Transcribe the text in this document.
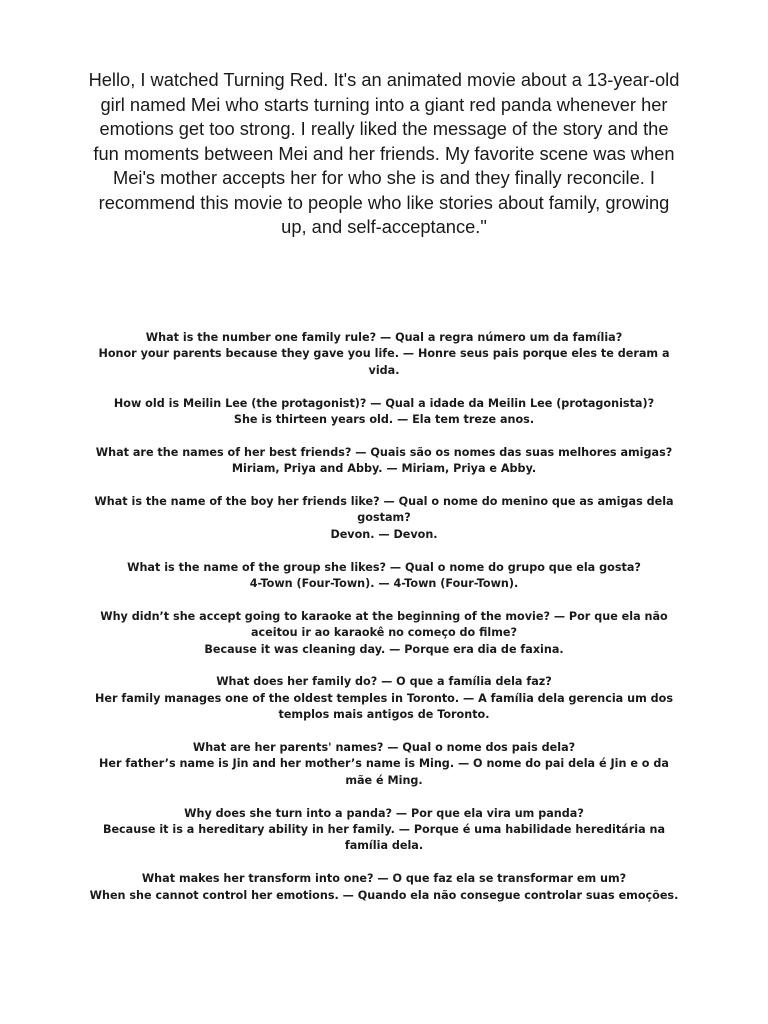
Hello, I watched Turning Red. It's an animated movie about a 13-year-old girl named Mei who starts turning into a giant red panda whenever her emotions get too strong. I really liked the message of the story and the fun moments between Mei and her friends. My favorite scene was when Mei's mother accepts her for who she is and they finally reconcile. I recommend this movie to people who like stories about family, growing up, and self-acceptance."

What is the number one family rule? — Qual a regra número um da família?

Honor your parents because they gave you life. — Honre seus pais porque eles te deram a vida.

How old is Meilin Lee (the protagonist)? — Qual a idade da Meilin Lee (protagonista)?

She is thirteen years old. — Ela tem treze anos.

What are the names of her best friends? — Quais são os nomes das suas melhores amigas?

Miriam, Priya and Abby. — Miriam, Priya e Abby.

What is the name of the boy her friends like? — Qual o nome do menino que as amigas dela gostam?

Devon. — Devon.

What is the name of the group she likes? — Qual o nome do grupo que ela gosta?

4-Town (Four-Town). — 4-Town (Four-Town).

Why didn’t she accept going to karaoke at the beginning of the movie? — Por que ela não aceitou ir ao karaokê no começo do filme?

Because it was cleaning day. — Porque era dia de faxina.

What does her family do? — O que a família dela faz?

Her family manages one of the oldest temples in Toronto. — A família dela gerencia um dos templos mais antigos de Toronto.

What are her parents' names? — Qual o nome dos pais dela?

Her father’s name is Jin and her mother’s name is Ming. — O nome do pai dela é Jin e o da mãe é Ming.

Why does she turn into a panda? — Por que ela vira um panda?

Because it is a hereditary ability in her family. — Porque é uma habilidade hereditária na família dela.

What makes her transform into one? — O que faz ela se transformar em um?

When she cannot control her emotions. — Quando ela não consegue controlar suas emoções.
